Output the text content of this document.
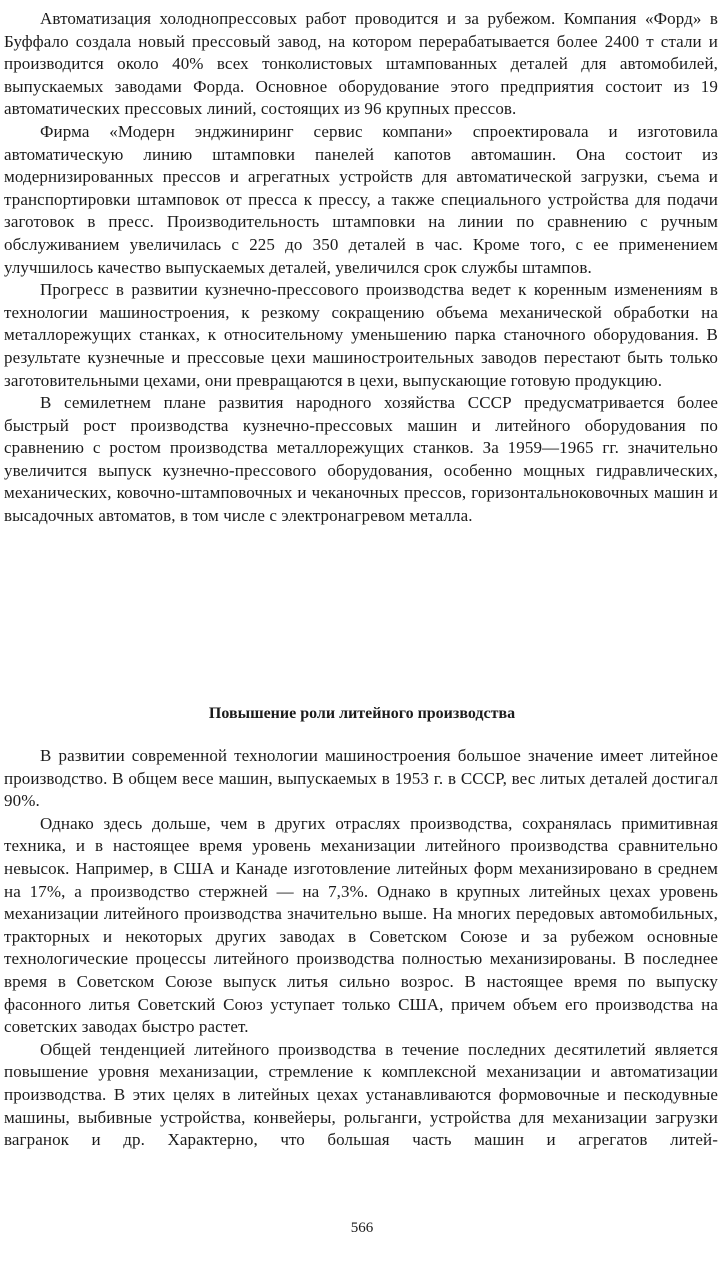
Автоматизация холоднопрессовых работ проводится и за рубежом. Компания «Форд» в Буффало создала новый прессовый завод, на котором перерабатывается более 2400 т стали и производится около 40% всех тонколистовых штампованных деталей для автомобилей, выпускаемых заводами Форда. Основное оборудование этого предприятия состоит из 19 автоматических прессовых линий, состоящих из 96 крупных прессов.

Фирма «Модерн энджиниринг сервис компани» спроектировала и изготовила автоматическую линию штамповки панелей капотов автомашин. Она состоит из модернизированных прессов и агрегатных устройств для автоматической загрузки, съема и транспортировки штамповок от пресса к прессу, а также специального устройства для подачи заготовок в пресс. Производительность штамповки на линии по сравнению с ручным обслуживанием увеличилась с 225 до 350 деталей в час. Кроме того, с ее применением улучшилось качество выпускаемых деталей, увеличился срок службы штампов.

Прогресс в развитии кузнечно-прессового производства ведет к коренным изменениям в технологии машиностроения, к резкому сокращению объема механической обработки на металлорежущих станках, к относительному уменьшению парка станочного оборудования. В результате кузнечные и прессовые цехи машиностроительных заводов перестают быть только заготовительными цехами, они превращаются в цехи, выпускающие готовую продукцию.

В семилетнем плане развития народного хозяйства СССР предусматривается более быстрый рост производства кузнечно-прессовых машин и литейного оборудования по сравнению с ростом производства металлорежущих станков. За 1959—1965 гг. значительно увеличится выпуск кузнечно-прессового оборудования, особенно мощных гидравлических, механических, ковочно-штамповочных и чеканочных прессов, горизонтальноковочных машин и высадочных автоматов, в том числе с электронагревом металла.

Повышение роли литейного производства

В развитии современной технологии машиностроения большое значение имеет литейное производство. В общем весе машин, выпускаемых в 1953 г. в СССР, вес литых деталей достигал 90%.

Однако здесь дольше, чем в других отраслях производства, сохранялась примитивная техника, и в настоящее время уровень механизации литейного производства сравнительно невысок. Например, в США и Канаде изготовление литейных форм механизировано в среднем на 17%, а производство стержней — на 7,3%. Однако в крупных литейных цехах уровень механизации литейного производства значительно выше. На многих передовых автомобильных, тракторных и некоторых других заводах в Советском Союзе и за рубежом основные технологические процессы литейного производства полностью механизированы. В последнее время в Советском Союзе выпуск литья сильно возрос. В настоящее время по выпуску фасонного литья Советский Союз уступает только США, причем объем его производства на советских заводах быстро растет.

Общей тенденцией литейного производства в течение последних десятилетий является повышение уровня механизации, стремление к комплексной механизации и автоматизации производства. В этих целях в литейных цехах устанавливаются формовочные и пескодувные машины, выбивные устройства, конвейеры, рольганги, устройства для механизации загрузки вагранок и др. Характерно, что большая часть машин и агрегатов литей-

566
